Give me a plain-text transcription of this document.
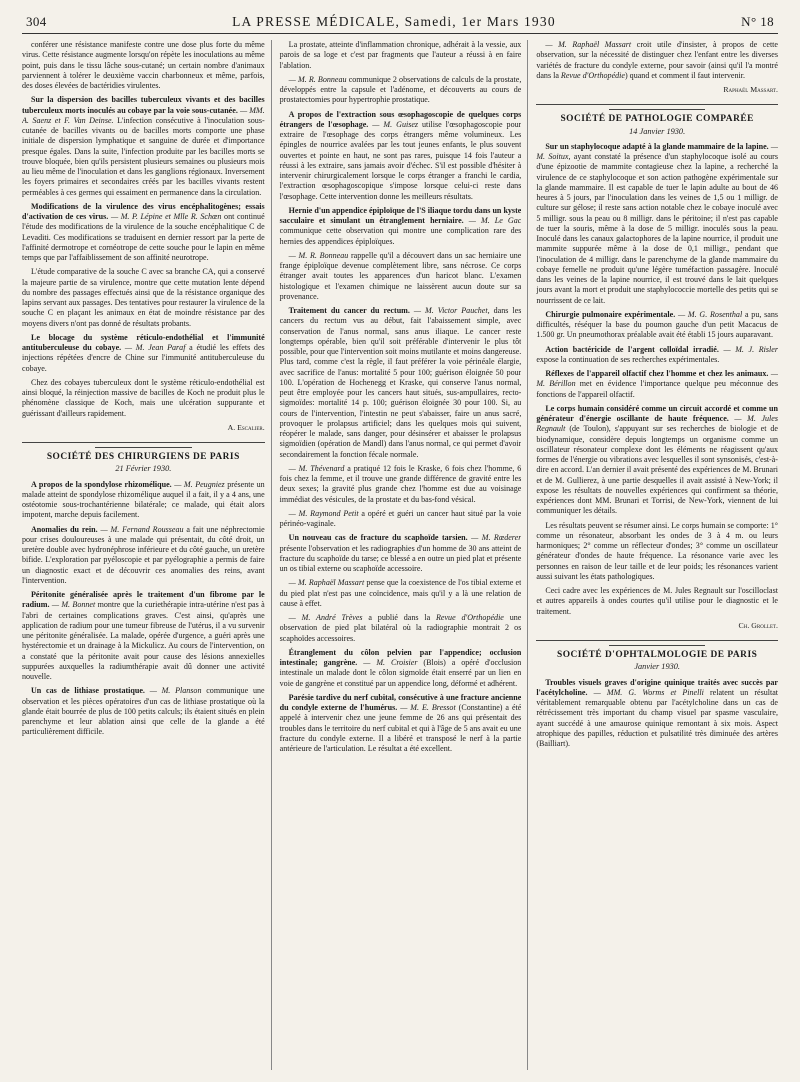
304	LA PRESSE MÉDICALE, Samedi, 1er Mars 1930	N° 18

conférer une résistance manifeste contre une dose plus forte du même virus. Cette résistance augmente lorsqu'on répète les inoculations au même point, puis dans le tissu lâche sous-cutané; un certain nombre d'animaux parviennent à tolérer le deuxième vaccin charbonneux et même, parfois, des doses élevées de bactéridies virulentes.

Sur la dispersion des bacilles tuberculeux vivants et des bacilles tuberculeux morts inoculés au cobaye par la voie sous-cutanée. — MM. A. Saenz et F. Van Deinse. L'infection consécutive à l'inoculation sous-cutanée de bacilles vivants ou de bacilles morts comporte une phase initiale de dispersion lymphatique et sanguine de durée et d'importance presque égales. Dans la suite, l'infection produite par les bacilles morts se trouve bloquée, bien qu'ils persistent plusieurs semaines ou plusieurs mois au lieu même de l'inoculation et dans les ganglions régionaux. Inversement les foyers primaires et secondaires créés par les bacilles vivants restent perméables à ces germes qui essaiment en permanence dans la circulation.

Modifications de la virulence des virus encéphalitogènes; essais d'activation de ces virus. — M. P. Lépine et Mlle R. Schœn ont continué l'étude des modifications de la virulence de la souche encéphalitique C de Levaditi. Ces modifications se traduisent en dernier ressort par la perte de l'affinité dermotrope et cornéotrope de cette souche pour le lapin en même temps que par l'affaiblissement de son affinité neurotrope.

L'étude comparative de la souche C avec sa branche CA, qui a conservé la majeure partie de sa virulence, montre que cette mutation lente dépend du nombre des passages effectués ainsi que de la résistance organique des lapins servant aux passages. Des tentatives pour restaurer la virulence de la souche C en plaçant les animaux en état de moindre résistance par des moyens divers n'ont pas donné de résultats probants.

Le blocage du système réticulo-endothélial et l'immunité antituberculeuse du cobaye. — M. Jean Paraf a étudié les effets des injections répétées d'encre de Chine sur l'immunité antituberculeuse du cobaye.

Chez des cobayes tuberculeux dont le système réticulo-endothélial est ainsi bloqué, la réinjection massive de bacilles de Koch ne produit plus le phénomène classique de Koch, mais une ulcération suppurante et guérissant d'ailleurs rapidement.

A. Escalier.
SOCIÉTÉ DES CHIRURGIENS DE PARIS
21 Février 1930.

A propos de la spondylose rhizomélique. — M. Peugniez présente un malade atteint de spondylose rhizomélique auquel il a fait, il y a 4 ans, une ostéotomie sous-trochantérienne bilatérale; ce malade, qui était alors impotent, marche depuis facilement.

Anomalies du rein. — M. Fernand Rousseau a fait une néphrectomie pour crises douloureuses à une malade qui présentait, du côté droit, un uretère double avec hydronéphrose inférieure et du côté gauche, un uretère bifide. L'exploration par pyéloscopie et par pyélographie a permis de faire un diagnostic exact et de découvrir ces anomalies des reins, avant l'intervention.

Péritonite généralisée après le traitement d'un fibrome par le radium. — M. Bonnet montre que la curiethérapie intra-utérine n'est pas à l'abri de certaines complications graves. C'est ainsi, qu'après une application de radium pour une tumeur fibreuse de l'utérus, il a vu survenir une péritonite généralisée. La malade, opérée d'urgence, a guéri après une hystérectomie et un drainage à la Mickulicz. Au cours de l'intervention, on a constaté que la péritonite avait pour cause des lésions annexielles suppurées auxquelles la radiumthérapie avait dû donner une activité nouvelle.

Un cas de lithiase prostatique. — M. Planson communique une observation et les pièces opératoires d'un cas de lithiase prostatique où la glande était bourrée de plus de 100 petits calculs; ils étaient situés en plein parenchyme et leur ablation ainsi que celle de la glande a été particulièrement difficile.

La prostate, atteinte d'inflammation chronique, adhérait à la vessie, aux parois de sa loge et c'est par fragments que l'auteur a réussi à en faire l'ablation.

— M. R. Bonneau communique 2 observations de calculs de la prostate, développés entre la capsule et l'adénome, et découverts au cours de prostatectomies pour hypertrophie prostatique.

A propos de l'extraction sous œsophagoscopie de quelques corps étrangers de l'œsophage. — M. Guisez utilise l'œsophagoscopie pour extraire de l'œsophage des corps étrangers même volumineux. Les épingles de nourrice avalées par les tout jeunes enfants, le plus souvent ouvertes et pointe en haut, ne sont pas rares, puisque 14 fois l'auteur a réussi à les extraire, sans jamais avoir d'échec. S'il est possible d'hésiter à intervenir chirurgicalement lorsque le corps étranger a franchi le cardia, l'extraction œsophagoscopique s'impose lorsque celui-ci reste dans l'œsophage. Cette intervention donne les meilleurs résultats.

Hernie d'un appendice épiploïque de l'S iliaque tordu dans un kyste sacculaire et simulant un étranglement herniaire. — M. Le Gac communique cette observation qui montre une complication rare des hernies des appendices épiploïques.

— M. R. Bonneau rappelle qu'il a découvert dans un sac herniaire une frange épiploïque devenue complètement libre, sans nécrose. Ce corps étranger avait toutes les apparences d'un haricot blanc. L'examen histologique et l'examen chimique ne laissèrent aucun doute sur sa provenance.

Traitement du cancer du rectum. — M. Victor Pauchet, dans les cancers du rectum vus au début, fait l'abaissement simple, avec conservation de l'anus normal, sans anus iliaque. Le cancer reste longtemps opérable, bien qu'il soit préférable d'intervenir le plus tôt possible, pour que l'intervention soit moins mutilante et moins dangereuse. Plus tard, comme c'est la règle, il faut préférer la voie périnéale élargie, avec sacrifice de l'anus: mortalité 5 pour 100; guérison éloignée 50 pour 100. L'opération de Hochenegg et Kraske, qui conserve l'anus normal, peut être employée pour les cancers haut situés, sus-ampullaires, recto-sigmoïdes: mortalité 14 p. 100; guérison éloignée 30 pour 100. Si, au cours de l'intervention, l'intestin ne peut s'abaisser, faire un anus sacré, provoquer le prolapsus artificiel; dans les quelques mois qui suivent, réopérer le malade, sans danger, pour désinsérer et abaisser le prolapsus sigmoïdien (opération de Mandl) dans l'anus normal, ce qui permet d'avoir secondairement la fonction fécale normale.

— M. Thévenard a pratiqué 12 fois le Kraske, 6 fois chez l'homme, 6 fois chez la femme, et il trouve une grande différence de gravité entre les deux sexes; la gravité plus grande chez l'homme est due au voisinage immédiat des vésicules, de la prostate et du bas-fond vésical.

— M. Raymond Petit a opéré et guéri un cancer haut situé par la voie périnéo-vaginale.

Un nouveau cas de fracture du scaphoïde tarsien. — M. Rœderer présente l'observation et les radiographies d'un homme de 30 ans atteint de fracture du scaphoïde du tarse; ce blessé a en outre un pied plat et présente un os tibial externe ou scaphoïde accessoire.

— M. Raphaël Massart pense que la coexistence de l'os tibial externe et du pied plat n'est pas une coïncidence, mais qu'il y a là une relation de cause à effet.

— M. André Trèves a publié dans la Revue d'Orthopédie une observation de pied plat bilatéral où la radiographie montrait 2 os scaphoïdes accessoires.

Étranglement du côlon pelvien par l'appendice; occlusion intestinale; gangrène. — M. Croisier (Blois) a opéré d'occlusion intestinale un malade dont le côlon sigmoïde était enserré par un lien en voie de gangrène et constitué par un appendice long, déformé et adhérent.

Parésie tardive du nerf cubital, consécutive à une fracture ancienne du condyle externe de l'humérus. — M. E. Bressot (Constantine) a été appelé à intervenir chez une jeune femme de 26 ans qui présentait des troubles dans le territoire du nerf cubital et qui à l'âge de 5 ans avait eu une fracture du condyle externe. Il a libéré et transposé le nerf à la partie antérieure de l'articulation. Le résultat a été excellent.

— M. Raphaël Massart croit utile d'insister, à propos de cette observation, sur la nécessité de distinguer chez l'enfant entre les diverses variétés de fracture du condyle externe, pour savoir (ainsi qu'il l'a montré dans la Revue d'Orthopédie) quand et comment il faut intervenir.

Raphaël Massart.
SOCIÉTÉ DE PATHOLOGIE COMPARÉE
14 Janvier 1930.

Sur un staphylocoque adapté à la glande mammaire de la lapine. — M. Soitux, ayant constaté la présence d'un staphylocoque isolé au cours d'une épizootie de mammite contagieuse chez la lapine, a recherché la virulence de ce staphylocoque et son action pathogène expérimentale sur la glande mammaire. Il est capable de tuer le lapin adulte au bout de 46 heures à 5 jours, par l'inoculation dans les veines de 1,5 ou 1 milligr. de culture sur gélose; il reste sans action notable chez le cobaye inoculé avec 5 milligr. sous la peau ou 8 milligr. dans le péritoine; il n'est pas capable de tuer la souris, même à la dose de 5 milligr. inoculés sous la peau. Inoculé dans les canaux galactophores de la lapine nourrice, il produit une mammite suppurée même à la dose de 0,1 milligr., pendant que l'inoculation de 4 milligr. dans le parenchyme de la glande mammaire du cobaye femelle ne produit qu'une légère tuméfaction passagère. Inoculé dans les veines de la lapine nourrice, il est trouvé dans le lait quelques jours avant la mort et produit une staphylococcie mortelle des petits qui se nourrissent de ce lait.

Chirurgie pulmonaire expérimentale. — M. G. Rosenthal a pu, sans difficultés, réséquer la base du poumon gauche d'un petit Macacus de 1.500 gr. Un pneumothorax préalable avait été établi 15 jours auparavant.

Action bactéricide de l'argent colloïdal irradié. — M. J. Risler expose la continuation de ses recherches expérimentales.

Réflexes de l'appareil olfactif chez l'homme et chez les animaux. — M. Bérillon met en évidence l'importance quelque peu méconnue des fonctions de l'appareil olfactif.

Le corps humain considéré comme un circuit accordé et comme un générateur d'énergie oscillante de haute fréquence. — M. Jules Regnault (de Toulon), s'appuyant sur ses recherches de biologie et de biodynamique, considère depuis longtemps un organisme comme un oscillateur résonateur complexe dont les éléments ne réagissent qu'aux formes de l'énergie ou vibrations avec lesquelles il sont synsonisés, c'est-à-dire en accord. L'an dernier il avait présenté des expériences de M. Brunari et de M. Gullierez, à une partie desquelles il avait assisté à New-York; il expose les résultats de nouvelles expériences qui confirment sa théorie, expériences dont MM. Brunari et Torrisi, de New-York, viennent de lui communiquer les détails.

Les résultats peuvent se résumer ainsi. Le corps humain se comporte: 1° comme un résonateur, absorbant les ondes de 3 à 4 m. ou leurs harmoniques; 2° comme un réflecteur d'ondes; 3° comme un oscillateur générateur d'ondes de haute fréquence. La résonance varie avec les personnes en raison de leur taille et de leur poids; les résonances varient aussi suivant les états pathologiques.

Ceci cadre avec les expériences de M. Jules Regnault sur l'oscilloclast et autres appareils à ondes courtes qu'il utilise pour le diagnostic et le traitement.

Ch. Grollet.
SOCIÉTÉ D'OPHTALMOLOGIE DE PARIS
Janvier 1930.

Troubles visuels graves d'origine quinique traités avec succès par l'acétylcholine. — MM. G. Worms et Pinelli relatent un résultat véritablement remarquable obtenu par l'acétylcholine dans un cas de rétrécissement très important du champ visuel par spasme vasculaire, ayant succédé à une amaurose quinique remontant à six mois. Aspect atrophique des papilles, réduction et pulsatilité très diminuée des artères (Bailliart).
